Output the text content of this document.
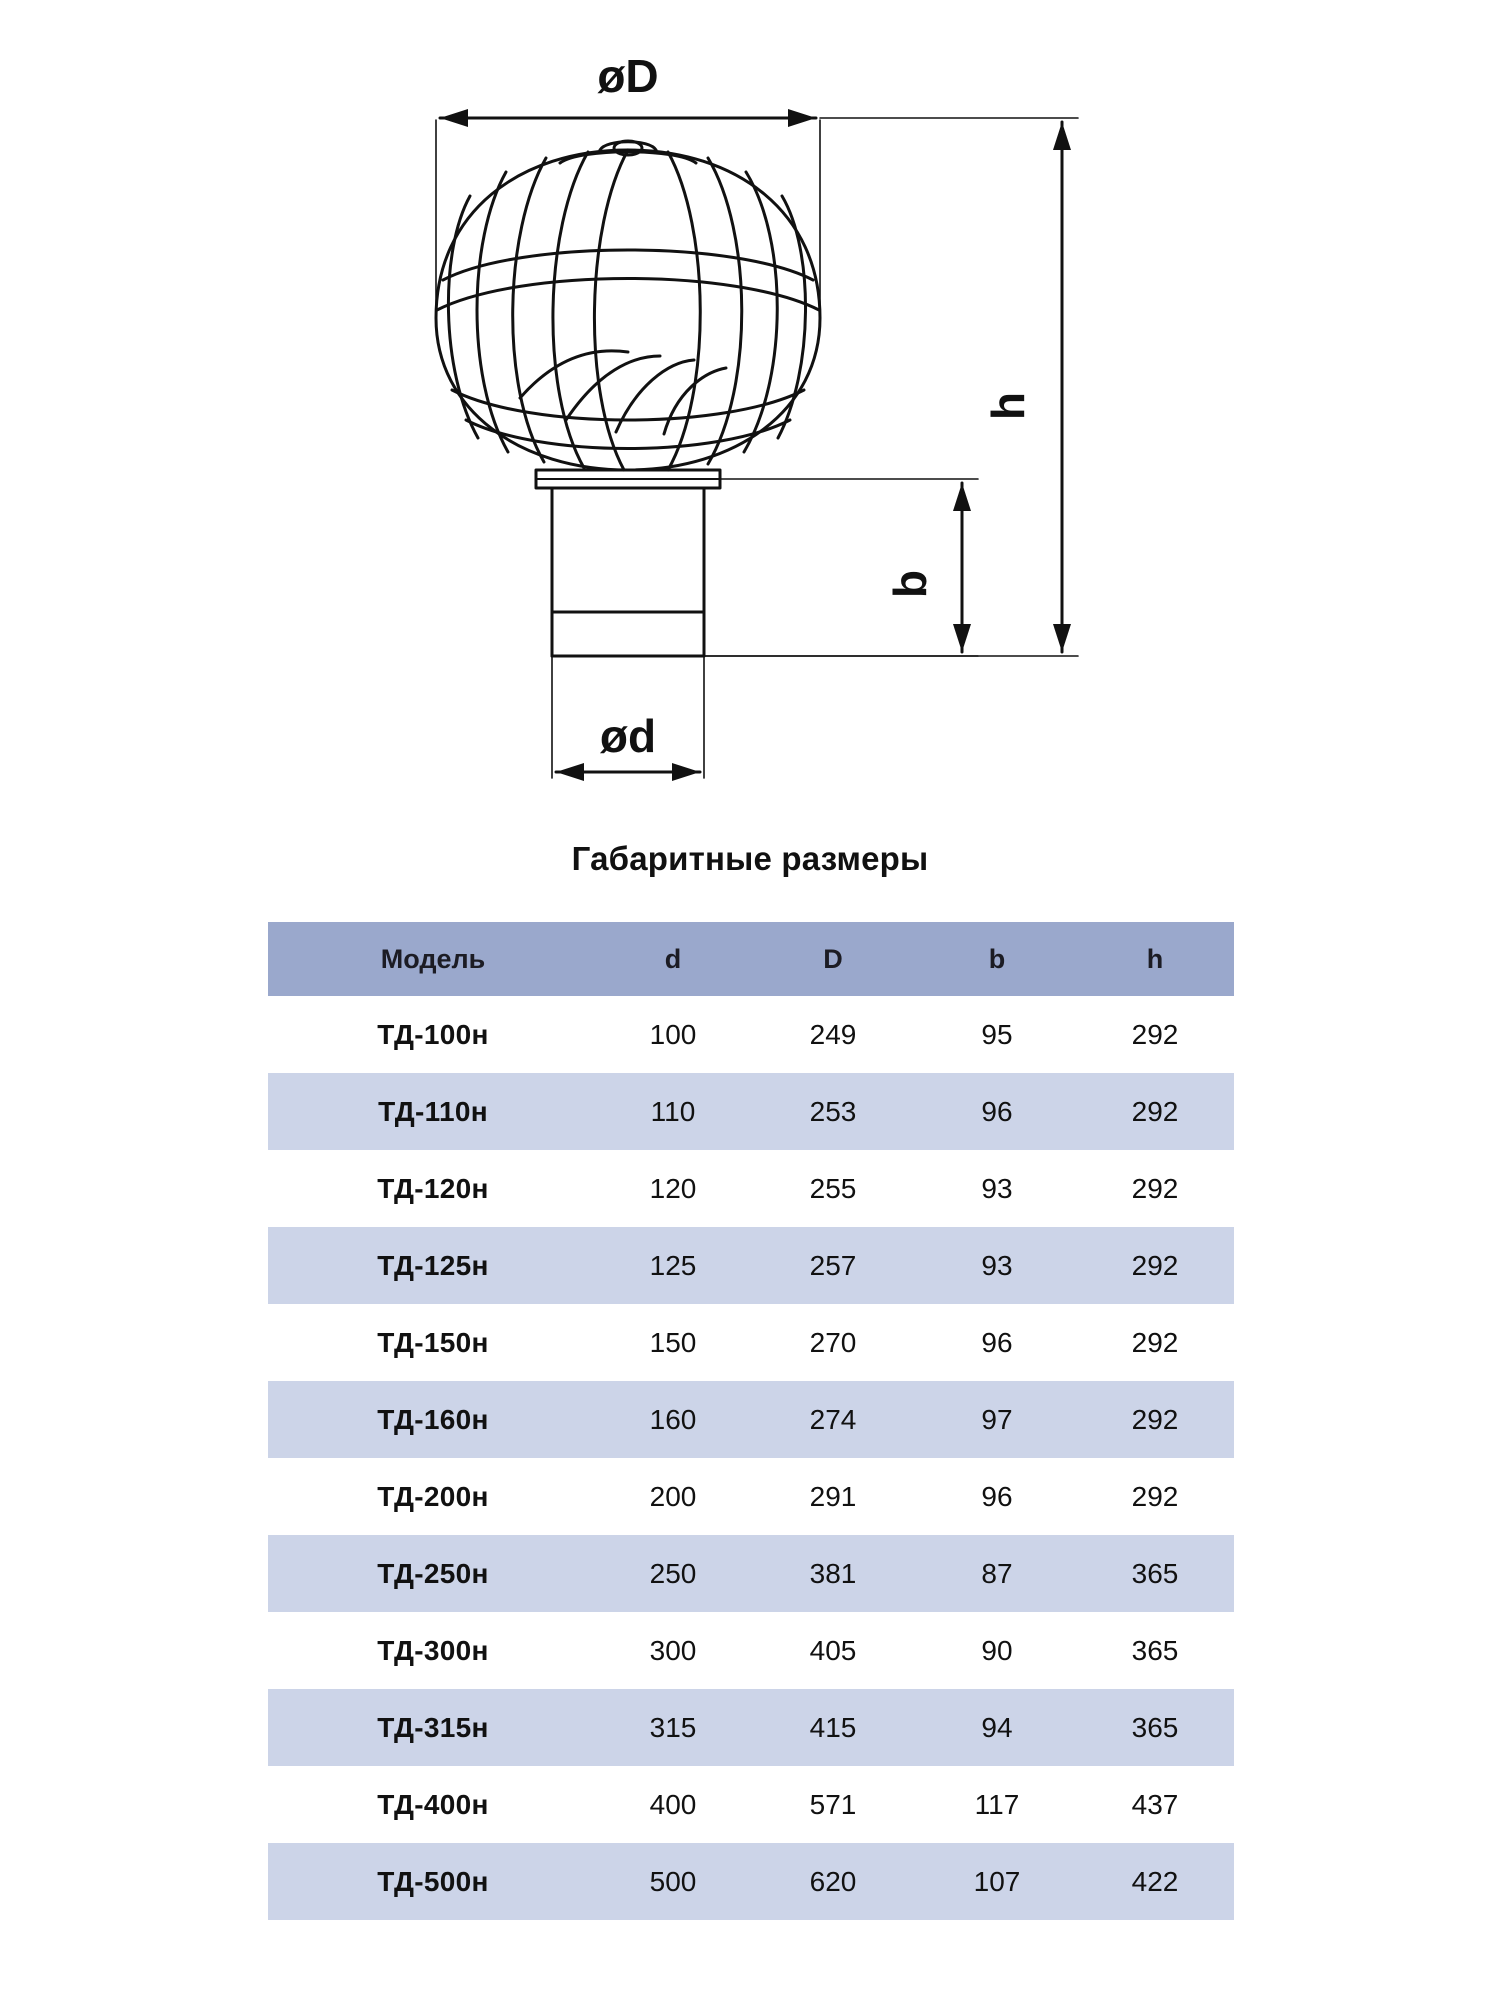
øD
ød
h
b
Габаритные размеры
Модель	d	D	b	h
ТД-100н	100	249	95	292
ТД-110н	110	253	96	292
ТД-120н	120	255	93	292
ТД-125н	125	257	93	292
ТД-150н	150	270	96	292
ТД-160н	160	274	97	292
ТД-200н	200	291	96	292
ТД-250н	250	381	87	365
ТД-300н	300	405	90	365
ТД-315н	315	415	94	365
ТД-400н	400	571	117	437
ТД-500н	500	620	107	422
